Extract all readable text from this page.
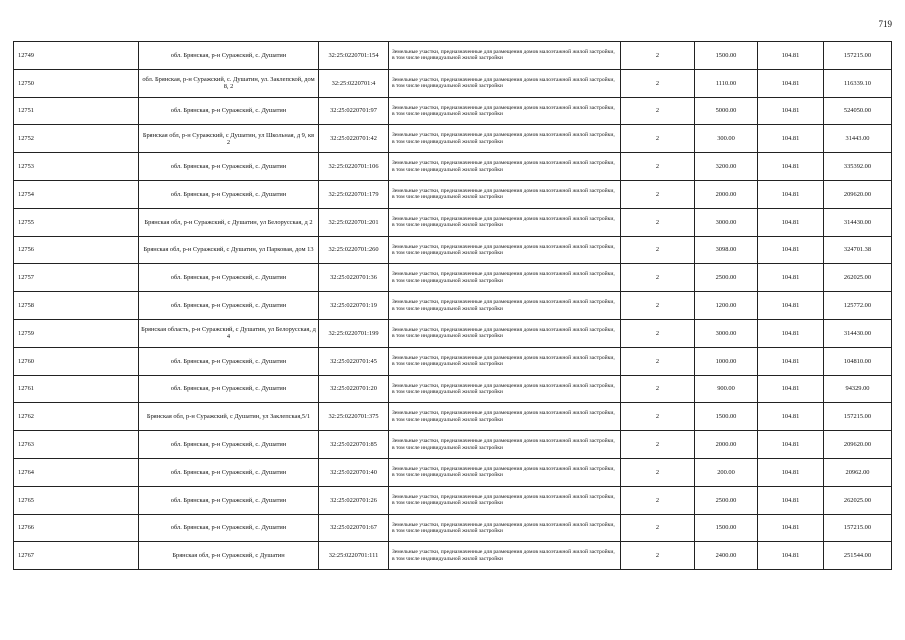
719
12749	обл. Брянская, р-н Суражский, с. Душатин	32:25:0220701:154	Земельные участки, предназначенные для размещения домов малоэтажной жилой застройки, в том числе индивидуальной жилой застройки	2	1500.00	104.81	157215.00
12750	обл. Брянская, р-н Суражский, с. Душатин, ул. Заклепской, дом 8, 2	32:25:0220701:4	Земельные участки, предназначенные для размещения домов малоэтажной жилой застройки, в том числе индивидуальной жилой застройки	2	1110.00	104.81	116339.10
12751	обл. Брянская, р-н Суражский, с. Душатин	32:25:0220701:97	Земельные участки, предназначенные для размещения домов малоэтажной жилой застройки, в том числе индивидуальной жилой застройки	2	5000.00	104.81	524050.00
12752	Брянская обл, р-н Суражский, с Душатин, ул Школьная, д 9, кв 2	32:25:0220701:42	Земельные участки, предназначенные для размещения домов малоэтажной жилой застройки, в том числе индивидуальной жилой застройки	2	300.00	104.81	31443.00
12753	обл. Брянская, р-н Суражский, с. Душатин	32:25:0220701:106	Земельные участки, предназначенные для размещения домов малоэтажной жилой застройки, в том числе индивидуальной жилой застройки	2	3200.00	104.81	335392.00
12754	обл. Брянская, р-н Суражский, с. Душатин	32:25:0220701:179	Земельные участки, предназначенные для размещения домов малоэтажной жилой застройки, в том числе индивидуальной жилой застройки	2	2000.00	104.81	209620.00
12755	Брянская обл, р-н Суражский, с Душатин, ул Белорусская, д 2	32:25:0220701:201	Земельные участки, предназначенные для размещения домов малоэтажной жилой застройки, в том числе индивидуальной жилой застройки	2	3000.00	104.81	314430.00
12756	Брянская обл, р-н Суражский, с Душатин, ул Парковая, дом 13	32:25:0220701:260	Земельные участки, предназначенные для размещения домов малоэтажной жилой застройки, в том числе индивидуальной жилой застройки	2	3098.00	104.81	324701.38
12757	обл. Брянская, р-н Суражский, с. Душатин	32:25:0220701:36	Земельные участки, предназначенные для размещения домов малоэтажной жилой застройки, в том числе индивидуальной жилой застройки	2	2500.00	104.81	262025.00
12758	обл. Брянская, р-н Суражский, с. Душатин	32:25:0220701:19	Земельные участки, предназначенные для размещения домов малоэтажной жилой застройки, в том числе индивидуальной жилой застройки	2	1200.00	104.81	125772.00
12759	Брянская область, р-н Суражский, с Душатин, ул Белорусская, д 4	32:25:0220701:199	Земельные участки, предназначенные для размещения домов малоэтажной жилой застройки, в том числе индивидуальной жилой застройки	2	3000.00	104.81	314430.00
12760	обл. Брянская, р-н Суражский, с. Душатин	32:25:0220701:45	Земельные участки, предназначенные для размещения домов малоэтажной жилой застройки, в том числе индивидуальной жилой застройки	2	1000.00	104.81	104810.00
12761	обл. Брянская, р-н Суражский, с. Душатин	32:25:0220701:20	Земельные участки, предназначенные для размещения домов малоэтажной жилой застройки, в том числе индивидуальной жилой застройки	2	900.00	104.81	94329.00
12762	Брянская обл, р-н Суражский, с Душатин, ул Заклепская,5/1	32:25:0220701:375	Земельные участки, предназначенные для размещения домов малоэтажной жилой застройки, в том числе индивидуальной жилой застройки	2	1500.00	104.81	157215.00
12763	обл. Брянская, р-н Суражский, с. Душатин	32:25:0220701:85	Земельные участки, предназначенные для размещения домов малоэтажной жилой застройки, в том числе индивидуальной жилой застройки	2	2000.00	104.81	209620.00
12764	обл. Брянская, р-н Суражский, с. Душатин	32:25:0220701:40	Земельные участки, предназначенные для размещения домов малоэтажной жилой застройки, в том числе индивидуальной жилой застройки	2	200.00	104.81	20962.00
12765	обл. Брянская, р-н Суражский, с. Душатин	32:25:0220701:26	Земельные участки, предназначенные для размещения домов малоэтажной жилой застройки, в том числе индивидуальной жилой застройки	2	2500.00	104.81	262025.00
12766	обл. Брянская, р-н Суражский, с. Душатин	32:25:0220701:67	Земельные участки, предназначенные для размещения домов малоэтажной жилой застройки, в том числе индивидуальной жилой застройки	2	1500.00	104.81	157215.00
12767	Брянская обл, р-н Суражский, с Душатин	32:25:0220701:111	Земельные участки, предназначенные для размещения домов малоэтажной жилой застройки, в том числе индивидуальной жилой застройки	2	2400.00	104.81	251544.00
